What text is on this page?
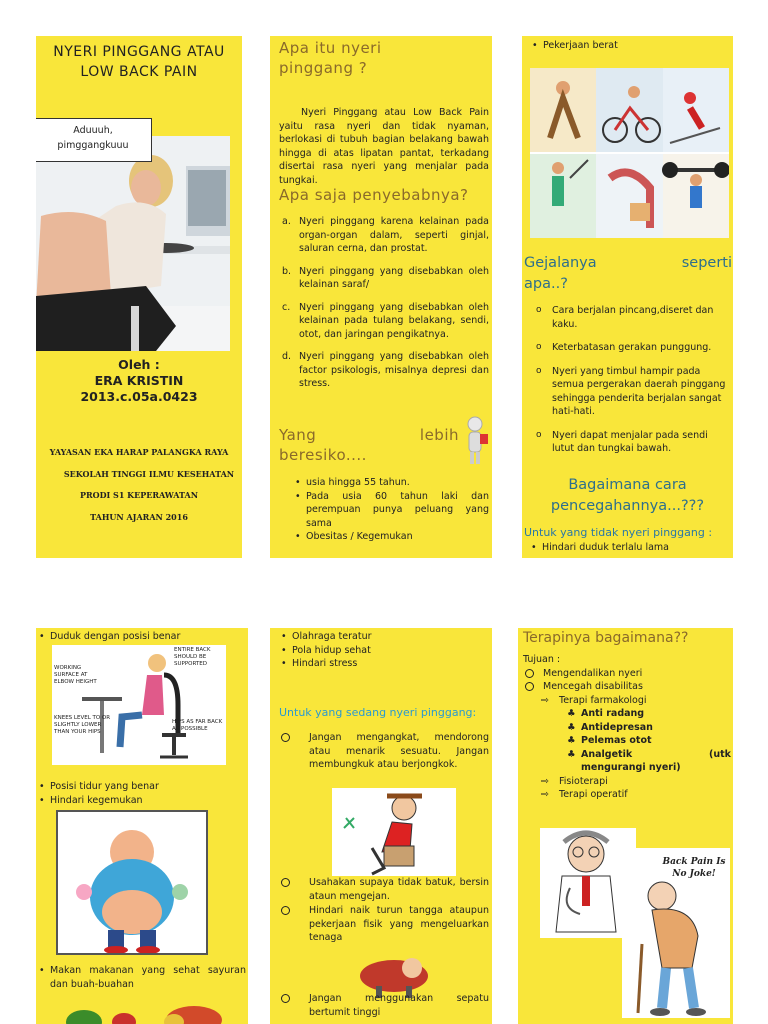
NYERI PINGGANG ATAU
LOW BACK PAIN
Aduuuh,
pimggangkuuu
Oleh :
ERA KRISTIN
2013.c.05a.0423
YAYASAN EKA HARAP PALANGKA RAYA
SEKOLAH TINGGI ILMU KESEHATAN
PRODI S1 KEPERAWATAN
TAHUN AJARAN 2016
Apa itu nyeri pinggang ?
Nyeri Pinggang atau Low Back Pain yaitu rasa nyeri dan tidak nyaman, berlokasi di tubuh bagian belakang bawah hingga di atas lipatan pantat, terkadang disertai rasa nyeri yang menjalar pada tungkai.
Apa saja penyebabnya?
a. Nyeri pinggang karena kelainan pada organ-organ dalam, seperti ginjal, saluran cerna, dan prostat.
b. Nyeri pinggang yang disebabkan oleh kelainan saraf/
c. Nyeri pinggang yang disebabkan oleh kelainan pada tulang belakang, sendi, otot, dan jaringan pengikatnya.
d. Nyeri pinggang yang disebabkan oleh factor psikologis, misalnya depresi dan stress.
Yang	lebih
beresiko....
• usia hingga 55 tahun.
• Pada usia 60 tahun laki dan perempuan punya peluang yang sama
• Obesitas / Kegemukan
• Pekerjaan berat
Gejalanya	seperti
apa..?
o Cara berjalan pincang,diseret dan kaku.
o Keterbatasan gerakan punggung.
o Nyeri yang timbul hampir pada semua pergerakan daerah pinggang sehingga penderita berjalan sangat hati-hati.
o Nyeri dapat menjalar pada sendi lutut dan tungkai bawah.
Bagaimana cara
pencegahannya...???
Untuk yang tidak nyeri pinggang :
• Hindari duduk terlalu lama
• Duduk dengan posisi benar
ENTIRE BACK SHOULD BE SUPPORTED
WORKING SURFACE AT ELBOW HEIGHT
KNEES LEVEL TO OR SLIGHTLY LOWER THAN YOUR HIPS
HIPS AS FAR BACK AS POSSIBLE
• Posisi tidur yang benar
• Hindari kegemukan
• Makan makanan yang sehat sayuran dan buah-buahan
• Olahraga teratur
• Pola hidup sehat
• Hindari stress
Untuk yang sedang nyeri pinggang:
Jangan mengangkat, mendorong atau menarik sesuatu. Jangan membungkuk atau berjongkok.
Usahakan supaya tidak batuk, bersin ataun mengejan.
Hindari naik turun tangga ataupun pekerjaan fisik yang mengeluarkan tenaga
Jangan menggunakan sepatu bertumit tinggi
Terapinya bagaimana??
Tujuan :
Mengendalikan nyeri
Mencegah disabilitas
⇨ Terapi farmakologi
♣ Anti radang
♣ Antidepresan
♣ Pelemas otot
♣ Analgetik	(utk
mengurangi nyeri)
⇨ Fisioterapi
⇨ Terapi operatif
Back Pain Is
No Joke!
